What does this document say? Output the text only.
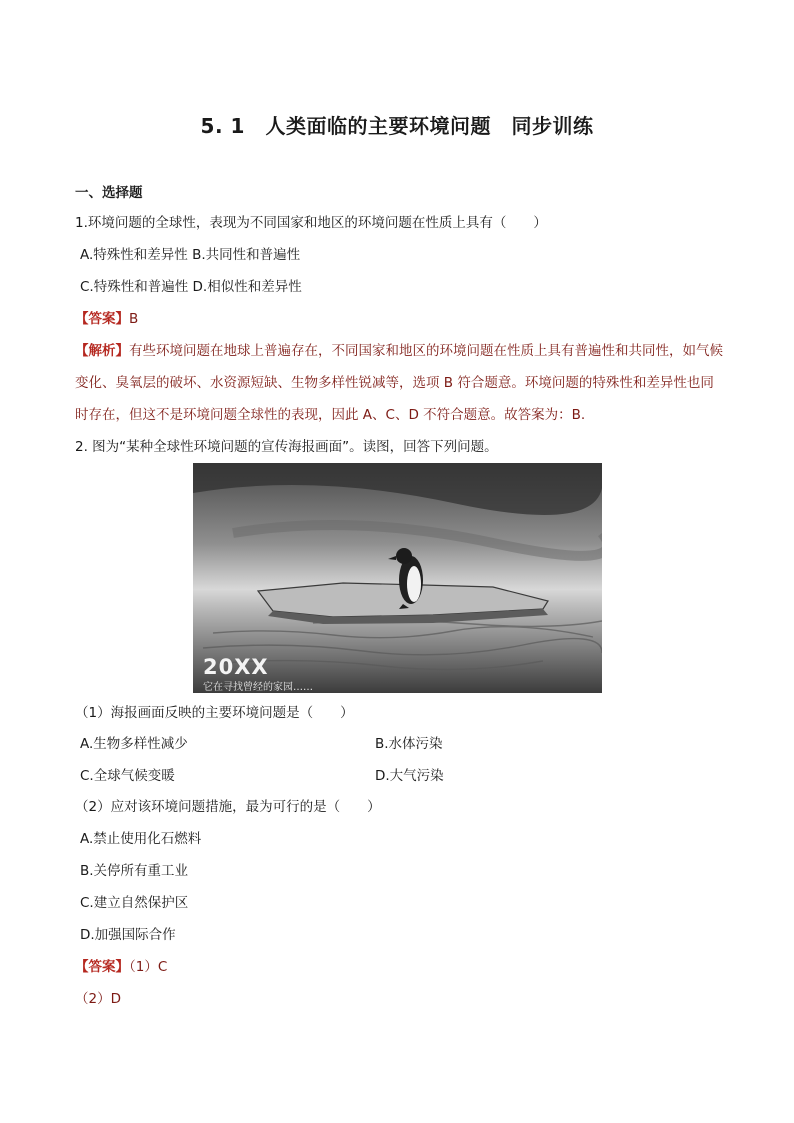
5. 1　人类面临的主要环境问题　同步训练
一、选择题
1.环境问题的全球性，表现为不同国家和地区的环境问题在性质上具有（　　）
A.特殊性和差异性 B.共同性和普遍性
C.特殊性和普遍性 D.相似性和差异性
【答案】B
【解析】有些环境问题在地球上普遍存在，不同国家和地区的环境问题在性质上具有普遍性和共同性，如气候变化、臭氧层的破坏、水资源短缺、生物多样性锐减等，选项 B 符合题意。环境问题的特殊性和差异性也同时存在，但这不是环境问题全球性的表现，因此 A、C、D 不符合题意。故答案为：B.
2. 图为“某种全球性环境问题的宣传海报画面”。读图，回答下列问题。
20XX
它在寻找曾经的家园……
（1）海报画面反映的主要环境问题是（　　）
A.生物多样性减少	B.水体污染
C.全球气候变暖	D.大气污染
（2）应对该环境问题措施，最为可行的是（　　）
A.禁止使用化石燃料
B.关停所有重工业
C.建立自然保护区
D.加强国际合作
【答案】（1）C
（2）D
